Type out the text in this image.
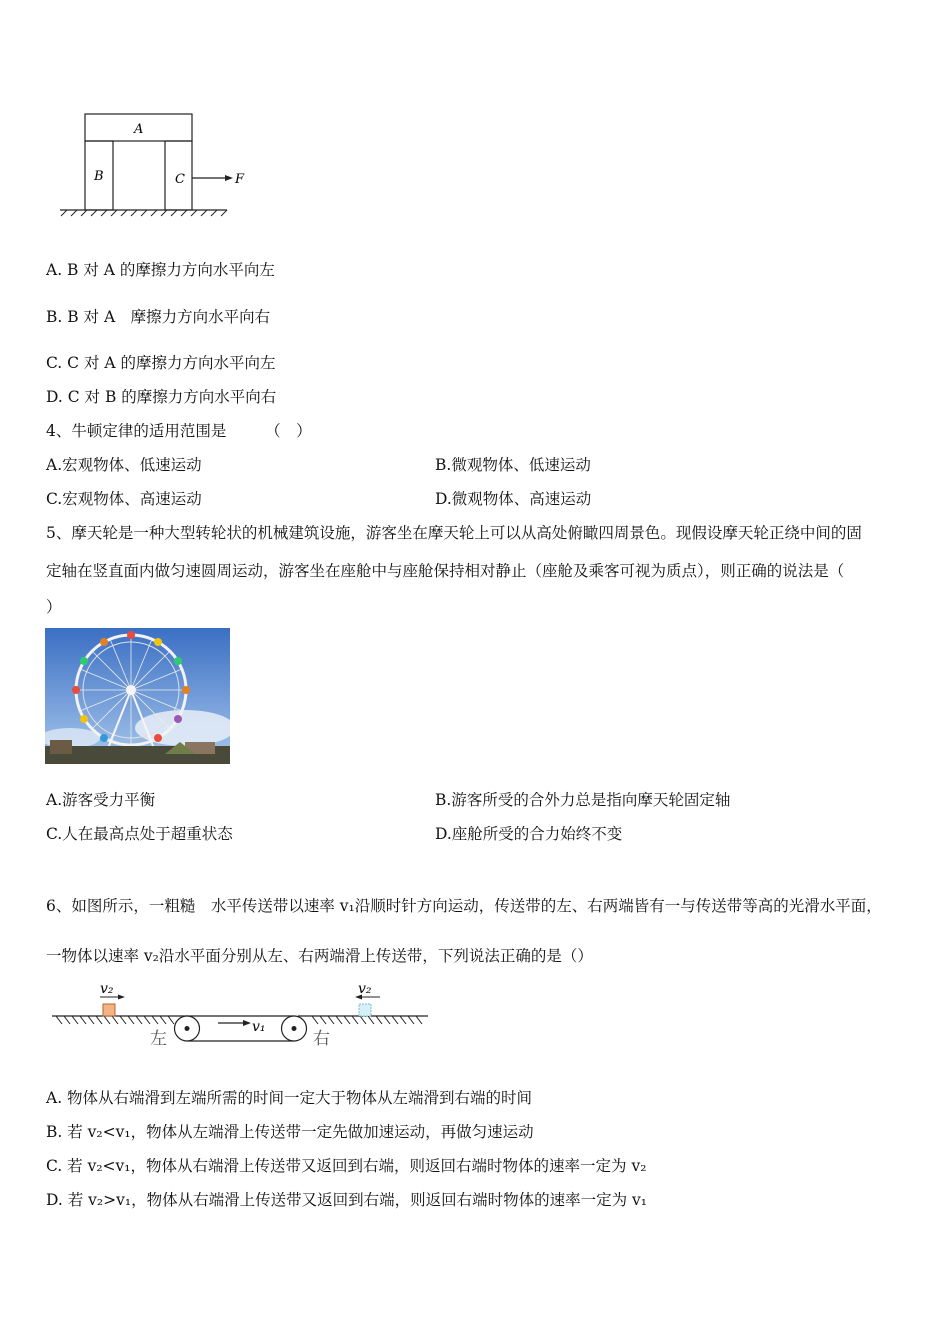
A
B	C	F
A. B 对 A 的摩擦力方向水平向左
B. B 对 A　摩擦力方向水平向右
C. C 对 A 的摩擦力方向水平向左
D. C 对 B 的摩擦力方向水平向右
4、牛顿定律的适用范围是　　　（　）
A.宏观物体、低速运动	B.微观物体、低速运动
C.宏观物体、高速运动	D.微观物体、高速运动
5、摩天轮是一种大型转轮状的机械建筑设施，游客坐在摩天轮上可以从高处俯瞰四周景色。现假设摩天轮正绕中间的固
定轴在竖直面内做匀速圆周运动，游客坐在座舱中与座舱保持相对静止（座舱及乘客可视为质点），则正确的说法是（
）
A.游客受力平衡	B.游客所受的合外力总是指向摩天轮固定轴
C.人在最高点处于超重状态	D.座舱所受的合力始终不变
6、如图所示，一粗糙　水平传送带以速率 v₁沿顺时针方向运动，传送带的左、右两端皆有一与传送带等高的光滑水平面，
一物体以速率 v₂沿水平面分别从左、右两端滑上传送带，下列说法正确的是（）
v₁
v₂	v₂
左	右
A. 物体从右端滑到左端所需的时间一定大于物体从左端滑到右端的时间
B. 若 v₂<v₁，物体从左端滑上传送带一定先做加速运动，再做匀速运动
C. 若 v₂<v₁，物体从右端滑上传送带又返回到右端，则返回右端时物体的速率一定为 v₂
D. 若 v₂>v₁，物体从右端滑上传送带又返回到右端，则返回右端时物体的速率一定为 v₁
